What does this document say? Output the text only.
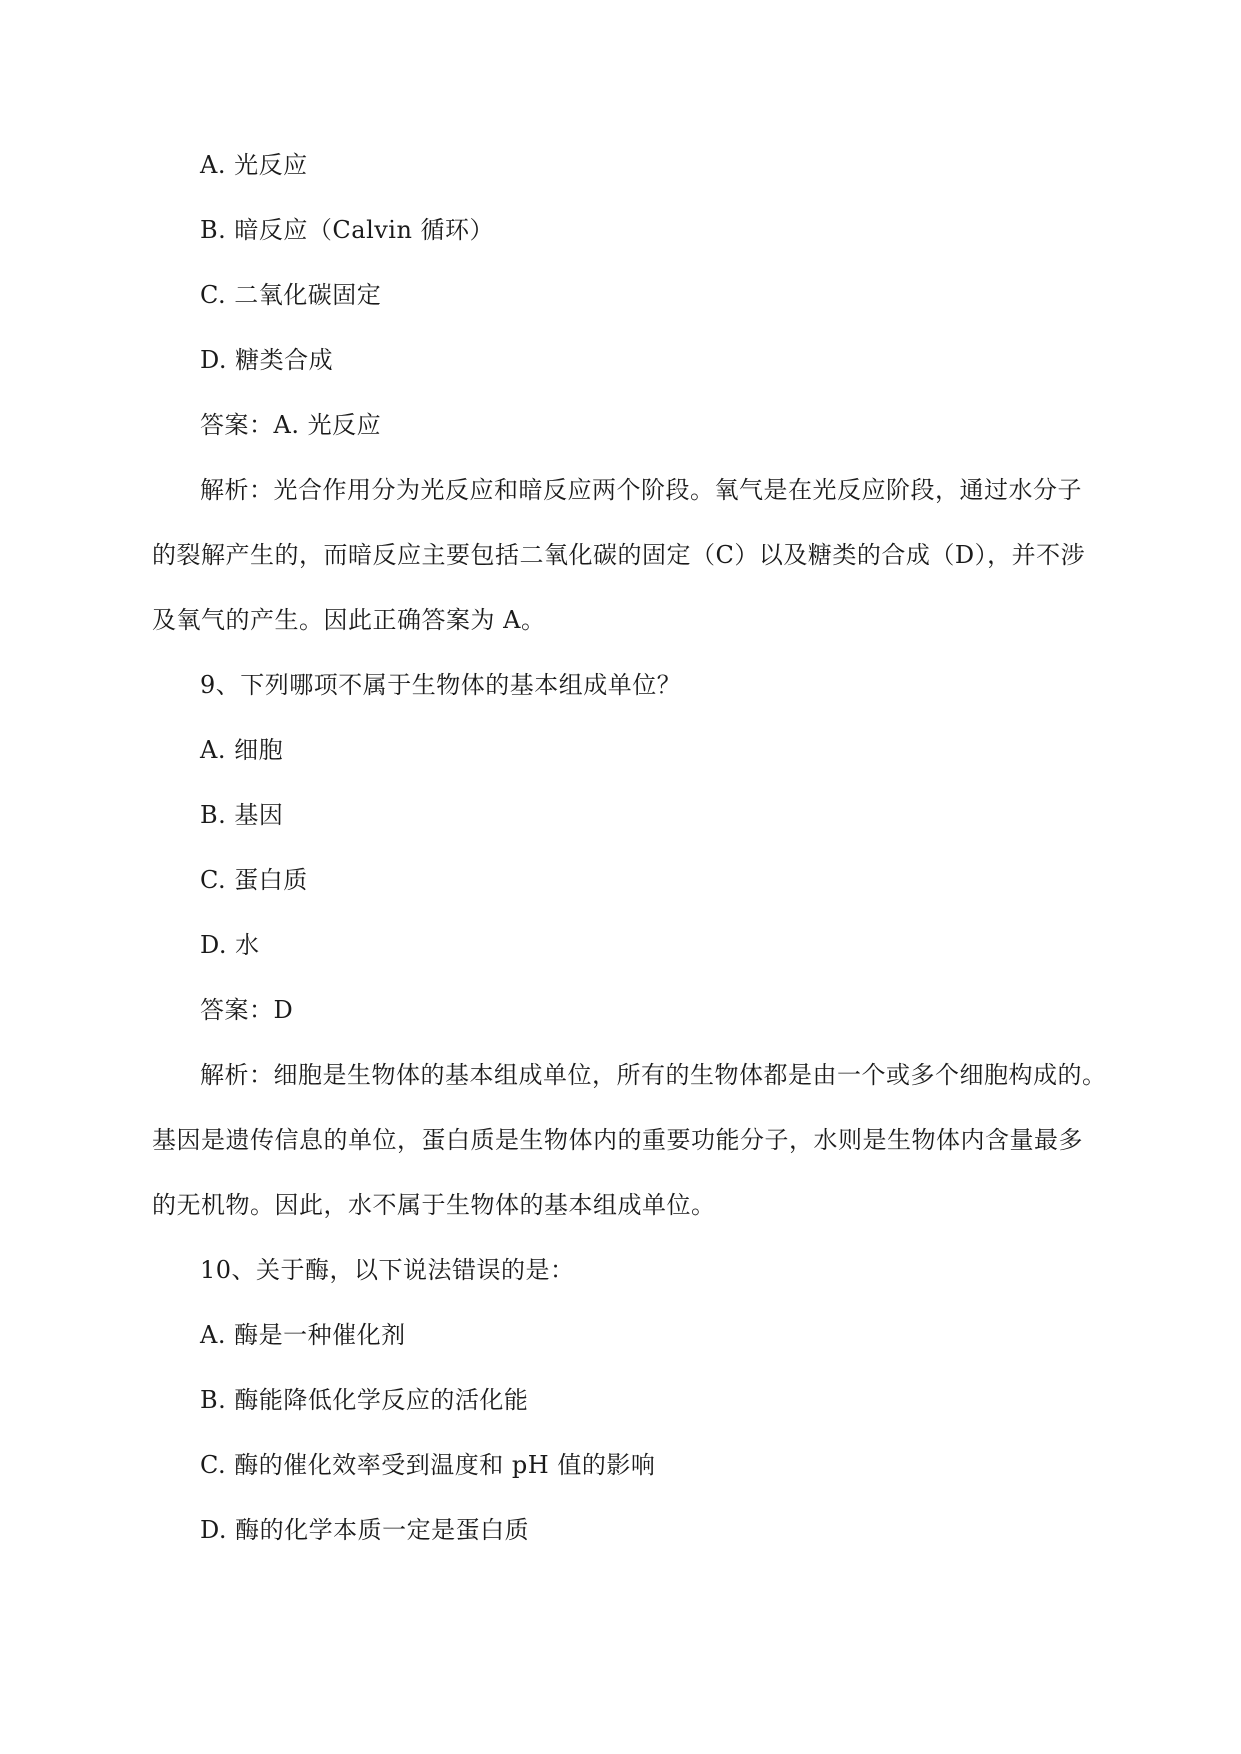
A. 光反应
B. 暗反应（Calvin 循环）
C. 二氧化碳固定
D. 糖类合成
答案：A. 光反应
解析：光合作用分为光反应和暗反应两个阶段。氧气是在光反应阶段，通过水分子
的裂解产生的，而暗反应主要包括二氧化碳的固定（C）以及糖类的合成（D），并不涉
及氧气的产生。因此正确答案为 A。
9、下列哪项不属于生物体的基本组成单位？
A. 细胞
B. 基因
C. 蛋白质
D. 水
答案：D
解析：细胞是生物体的基本组成单位，所有的生物体都是由一个或多个细胞构成的。
基因是遗传信息的单位，蛋白质是生物体内的重要功能分子，水则是生物体内含量最多
的无机物。因此，水不属于生物体的基本组成单位。
10、关于酶，以下说法错误的是：
A. 酶是一种催化剂
B. 酶能降低化学反应的活化能
C. 酶的催化效率受到温度和 pH 值的影响
D. 酶的化学本质一定是蛋白质
